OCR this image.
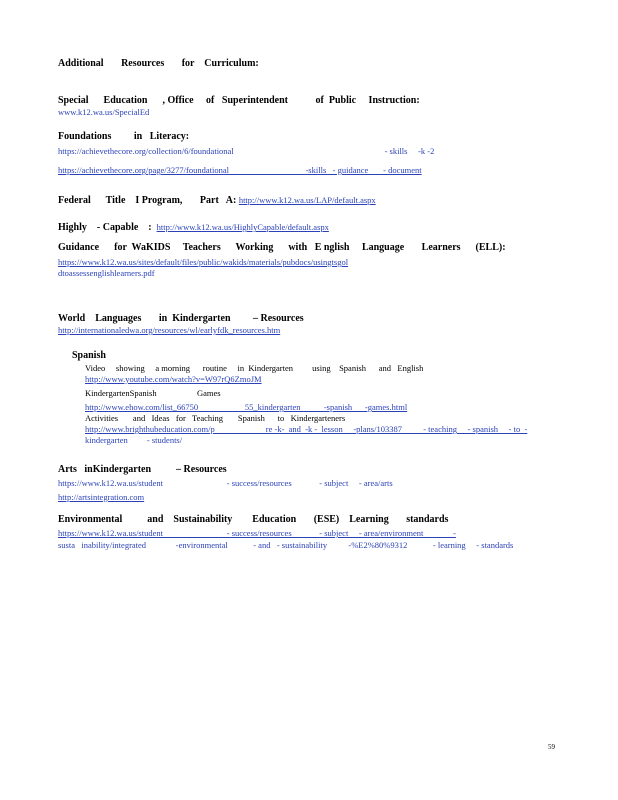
Additional       Resources       for    Curriculum:
Special      Education      , Office     of   Superintendent           of  Public     Instruction:
www.k12.wa.us/SpecialEd
Foundations         in   Literacy:
https://achievethecore.org/collection/6/foundational                                                                       - skills     -k -2
https://achievethecore.org/page/3277/foundational                                    -skills   - guidance       - document
Federal      Title    I Program,       Part   A: http://www.k12.wa.us/LAP/default.aspx
Highly    - Capable    :  http://www.k12.wa.us/HighlyCapable/default.aspx
Guidance      for  WaKIDS     Teachers      Working      with   E nglish     Language       Learners      (ELL):
https://www.k12.wa.us/sites/default/files/public/wakids/materials/pubdocs/usingtsgol
dtoassessenglishlearners.pdf
World    Languages       in  Kindergarten         – Resources
http://internationaledwa.org/resources/wl/earlyfdk_resources.htm
Spanish
Video     showing     a morning      routine     in  Kindergarten         using    Spanish      and   English
http://www.youtube.com/watch?v=W97rQ6ZmoJM
KindergartenSpanish                   Games
http://www.ehow.com/list_66750                      55_kindergarten           -spanish      -games.html
Activities       and   Ideas   for   Teaching       Spanish      to   Kindergarteners
http://www.brighthubeducation.com/p                        re -k-  and  -k -  lesson     -plans/103387          - teaching     - spanish     - to  -
kindergarten         - students/
Arts   inKindergarten          – Resources
https://www.k12.wa.us/student                              - success/resources             - subject     - area/arts
http://artsintegration.com
Environmental          and    Sustainability        Education       (ESE)    Learning       standards
https://www.k12.wa.us/student                              - success/resources             - subject     - area/environment              -
susta   inability/integrated              -environmental            - and   - sustainability          -%E2%80%9312            - learning     - standards
59
